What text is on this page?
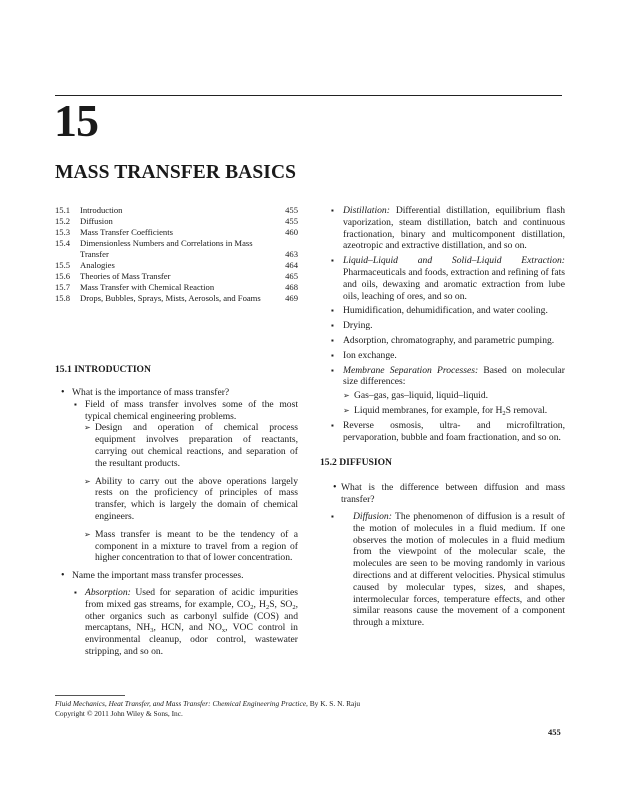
15
MASS TRANSFER BASICS
15.1	Introduction	455
15.2	Diffusion	455
15.3	Mass Transfer Coefficients	460
15.4	Dimensionless Numbers and Correlations in Mass Transfer	463
15.5	Analogies	464
15.6	Theories of Mass Transfer	465
15.7	Mass Transfer with Chemical Reaction	468
15.8	Drops, Bubbles, Sprays, Mists, Aerosols, and Foams	469

15.1 INTRODUCTION

• What is the importance of mass transfer?
▪ Field of mass transfer involves some of the most typical chemical engineering problems.
➢ Design and operation of chemical process equipment involves preparation of reactants, carrying out chemical reactions, and separation of the resultant products.
➢ Ability to carry out the above operations largely rests on the proficiency of principles of mass transfer, which is largely the domain of chemical engineers.
➢ Mass transfer is meant to be the tendency of a component in a mixture to travel from a region of higher concentration to that of lower concentration.
• Name the important mass transfer processes.
▪ Absorption: Used for separation of acidic impurities from mixed gas streams, for example, $CO_2$, $H_2S$, $SO_2$, other organics such as carbonyl sulfide (COS) and mercaptans, $NH_3$, HCN, and $NO_x$, VOC control in environmental cleanup, odor control, wastewater stripping, and so on.
▪ Distillation: Differential distillation, equilibrium flash vaporization, steam distillation, batch and continuous fractionation, binary and multicomponent distillation, azeotropic and extractive distillation, and so on.
▪ Liquid–Liquid and Solid–Liquid Extraction: Pharmaceuticals and foods, extraction and refining of fats and oils, dewaxing and aromatic extraction from lube oils, leaching of ores, and so on.
▪ Humidification, dehumidification, and water cooling.
▪ Drying.
▪ Adsorption, chromatography, and parametric pumping.
▪ Ion exchange.
▪ Membrane Separation Processes: Based on molecular size differences:
➢ Gas–gas, gas–liquid, liquid–liquid.
➢ Liquid membranes, for example, for $H_2S$ removal.
▪ Reverse osmosis, ultra- and microfiltration, pervaporation, bubble and foam fractionation, and so on.

15.2 DIFFUSION

• What is the difference between diffusion and mass transfer?
▪ Diffusion: The phenomenon of diffusion is a result of the motion of molecules in a fluid medium. If one observes the motion of molecules in a fluid medium from the viewpoint of the molecular scale, the molecules are seen to be moving randomly in various directions and at different velocities. Physical stimulus caused by molecular types, sizes, and shapes, intermolecular forces, temperature effects, and other similar reasons cause the movement of a component through a mixture.
Fluid Mechanics, Heat Transfer, and Mass Transfer: Chemical Engineering Practice, By K. S. N. Raju
Copyright © 2011 John Wiley & Sons, Inc.
455
